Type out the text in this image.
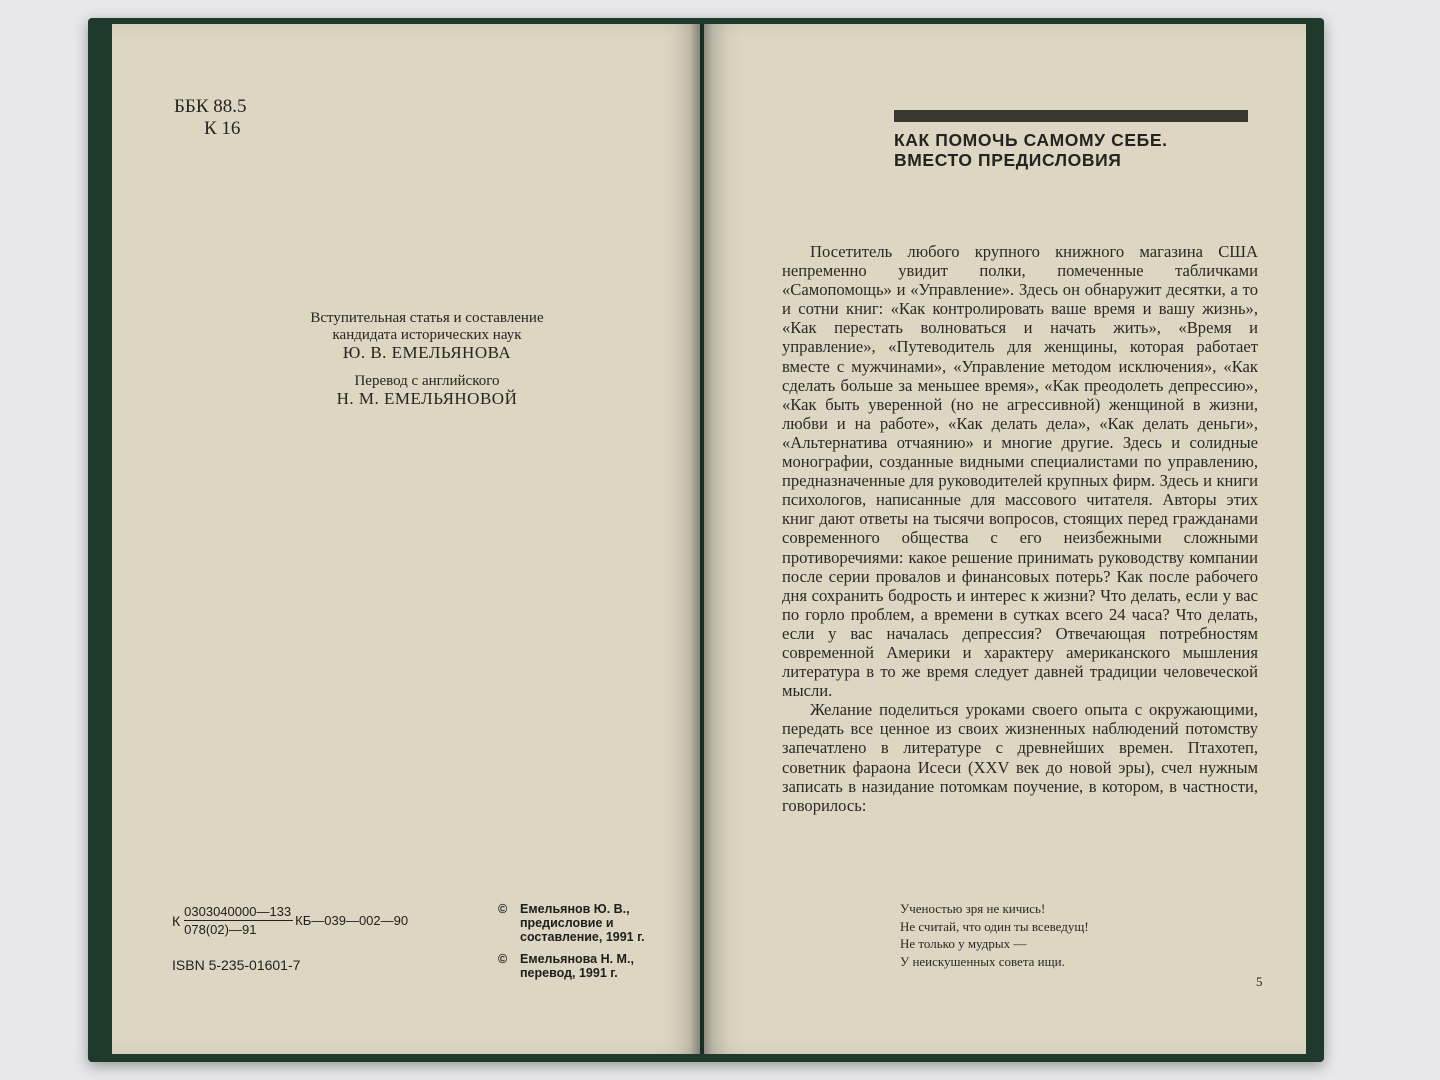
ББК 88.5
К 16
Вступительная статья и составление
кандидата исторических наук
Ю. В. ЕМЕЛЬЯНОВА
Перевод с английского
Н. М. ЕМЕЛЬЯНОВОЙ
К $\frac{0303040000—133}{078(02)—91}$ КБ—039—002—90
ISBN 5-235-01601-7
©	Емельянов Ю. В., предисловие и составление, 1991 г.
©	Емельянова Н. М., перевод, 1991 г.
КАК ПОМОЧЬ САМОМУ СЕБЕ.
ВМЕСТО ПРЕДИСЛОВИЯ

Посетитель любого крупного книжного магазина США непременно увидит полки, помеченные табличками «Самопомощь» и «Управление». Здесь он обнаружит десятки, а то и сотни книг: «Как контролировать ваше время и вашу жизнь», «Как перестать волноваться и начать жить», «Время и управление», «Путеводитель для женщины, которая работает вместе с мужчинами», «Управление методом исключения», «Как сделать больше за меньшее время», «Как преодолеть депрессию», «Как быть уверенной (но не агрессивной) женщиной в жизни, любви и на работе», «Как делать дела», «Как делать деньги», «Альтернатива отчаянию» и многие другие. Здесь и солидные монографии, созданные видными специалистами по управлению, предназначенные для руководителей крупных фирм. Здесь и книги психологов, написанные для массового читателя. Авторы этих книг дают ответы на тысячи вопросов, стоящих перед гражданами современного общества с его неизбежными сложными противоречиями: какое решение принимать руководству компании после серии провалов и финансовых потерь? Как после рабочего дня сохранить бодрость и интерес к жизни? Что делать, если у вас по горло проблем, а времени в сутках всего 24 часа? Что делать, если у вас началась депрессия? Отвечающая потребностям современной Америки и характеру американского мышления литература в то же время следует давней традиции человеческой мысли.

Желание поделиться уроками своего опыта с окружающими, передать все ценное из своих жизненных наблюдений потомству запечатлено в литературе с древнейших времен. Птахотеп, советник фараона Исеси (XXV век до новой эры), счел нужным записать в назидание потомкам поучение, в котором, в частности, говорилось:

Ученостью зря не кичись!
Не считай, что один ты всеведущ!
Не только у мудрых —
У неискушенных совета ищи.
5
